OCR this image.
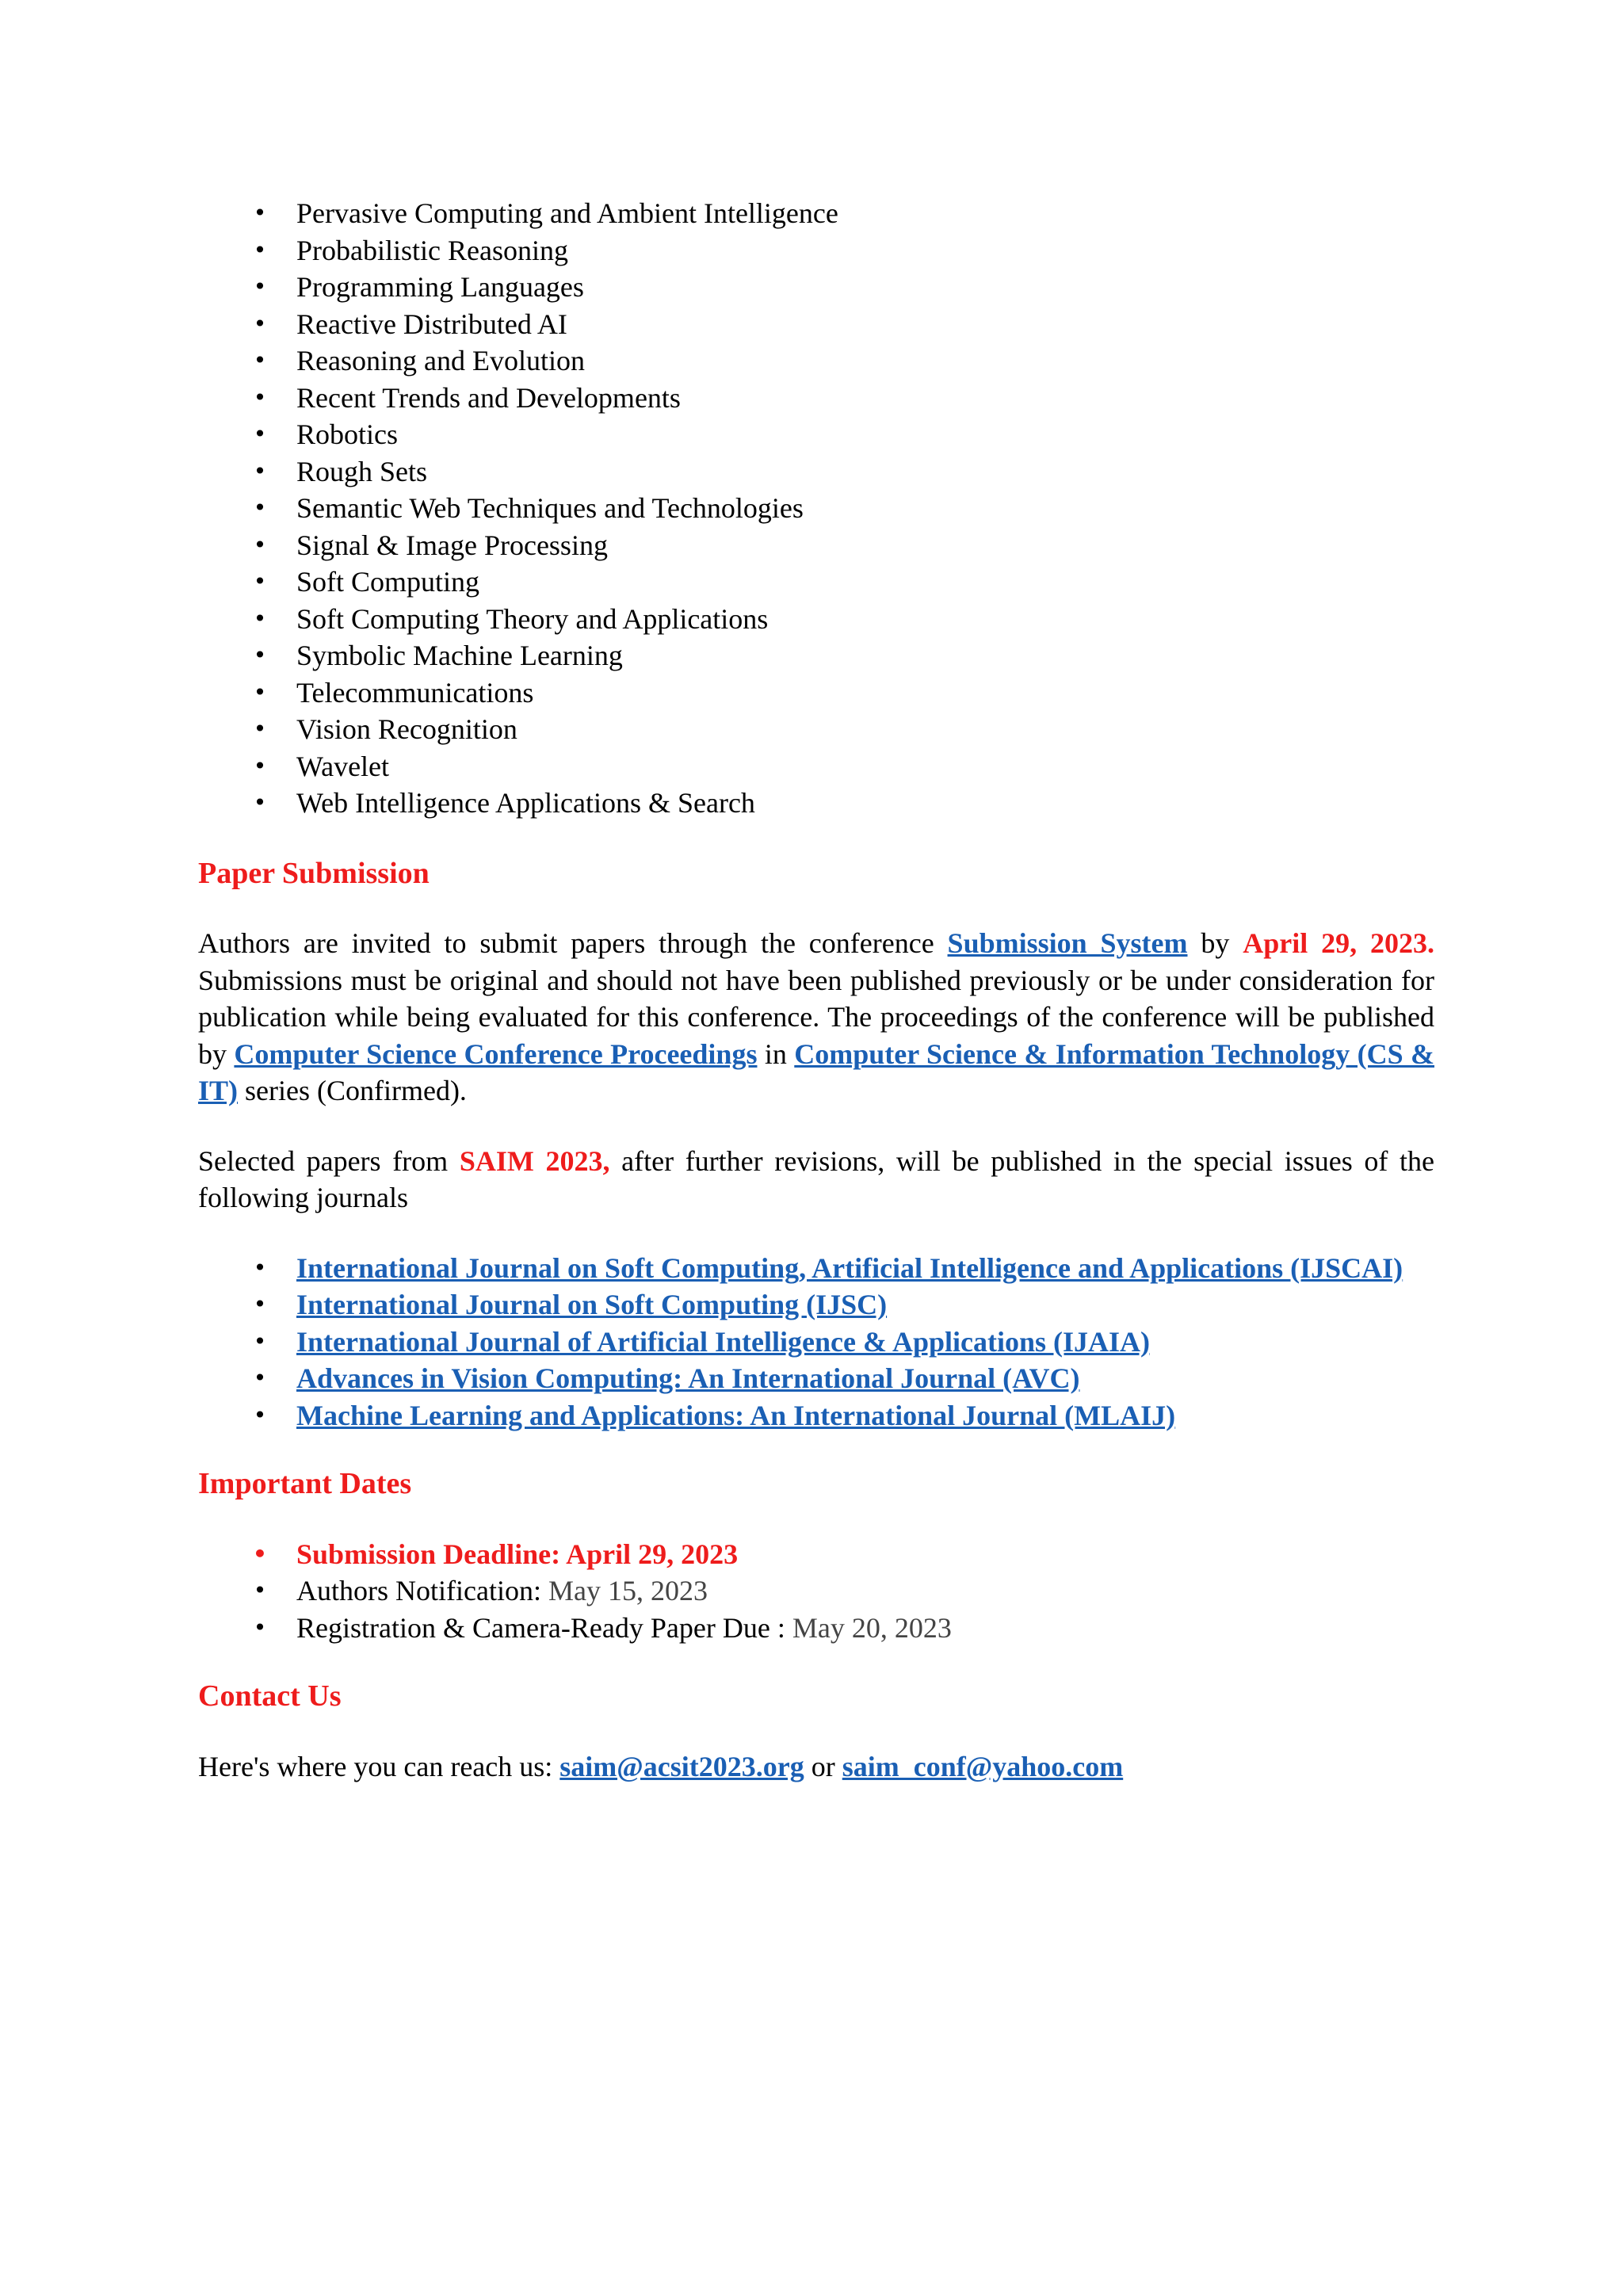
• Pervasive Computing and Ambient Intelligence
• Probabilistic Reasoning
• Programming Languages
• Reactive Distributed AI
• Reasoning and Evolution
• Recent Trends and Developments
• Robotics
• Rough Sets
• Semantic Web Techniques and Technologies
• Signal & Image Processing
• Soft Computing
• Soft Computing Theory and Applications
• Symbolic Machine Learning
• Telecommunications
• Vision Recognition
• Wavelet
• Web Intelligence Applications & Search
Paper Submission

Authors are invited to submit papers through the conference Submission System by April 29, 2023. Submissions must be original and should not have been published previously or be under consideration for publication while being evaluated for this conference. The proceedings of the conference will be published by Computer Science Conference Proceedings in Computer Science & Information Technology (CS & IT) series (Confirmed).

Selected papers from SAIM 2023, after further revisions, will be published in the special issues of the following journals

• International Journal on Soft Computing, Artificial Intelligence and Applications (IJSCAI)
• International Journal on Soft Computing (IJSC)
• International Journal of Artificial Intelligence & Applications (IJAIA)
• Advances in Vision Computing: An International Journal (AVC)
• Machine Learning and Applications: An International Journal (MLAIJ)
Important Dates
• Submission Deadline: April 29, 2023
• Authors Notification: May 15, 2023
• Registration & Camera-Ready Paper Due : May 20, 2023
Contact Us

Here's where you can reach us: saim@acsit2023.org or saim_conf@yahoo.com
